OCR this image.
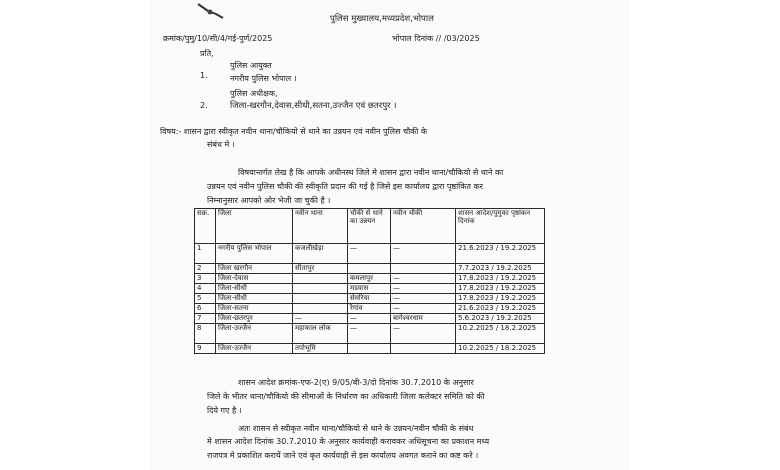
पुलिस मुख्यालय,मध्यप्रदेश,भोपाल
क्रमांक/पुमु/10/सी/4/गई-पुर्ण/2025	भोपाल दिनांक // /03/2025
प्रति,
पुलिस आयुक्त
1.	नगरीय पुलिस भोपाल ।
पुलिस अधीक्षक,
2.	जिला-खरगौन,देवास,सीधी,सतना,उज्जैन एवं छतरपुर ।
विषय:- शासन द्वारा स्वीकृत नवीन थाना/चौकियो से थाने का उन्नयन एवं नवीन पुलिस चौकी के
संबंध मे ।
विषयान्तर्गत लेख है कि आपके अधीनस्थ जिले मे शासन द्वारा नवीन थाना/चौकियो से थाने का
उन्नयन एवं नवीन पुलिस चौकी की स्वीकृति प्रदान की गई है जिसे इस कार्यालय द्वारा पृष्ठांकित कर
निम्नानुसार आपको ओर भेजी जा चुकी है ।
सक्र.	जिला	नवीन थाना	चौकी से थाने का उन्नयन	नवीन चौकी	शासन आदेश/पुमुका पृष्ठांकन दिनांक
1	नगरीय पुलिस भोपाल	कजलीखेड़ा	—	—	21.6.2023 / 19.2.2025
2	जिला खरगौन	सीतापुर			7.7.2023 / 19.2.2025
3	जिला-देवास		कमलापुर	—	17.8.2023 / 19.2.2025
4	जिला-सीधी		मडवास	—	17.8.2023 / 19.2.2025
5	जिला-सीधी		सेमरिया	—	17.8.2023 / 19.2.2025
6	जिला-सतना		रैगांव	—	21.6.2023 / 19.2.2025
7	जिला-छतरपुर	—	—	बागेश्वरधाम	5.6.2023 / 19.2.2025
8	जिला-उज्जैन	महाकाल लोक	—	—	10.2.2025 / 18.2.2025
9	जिला-उज्जैन	तपोभूमि			10.2.2025 / 18.2.2025
शासन आदेश क्रमांक-एफ-2(ए) 9/05/बी-3/दो दिनांक 30.7.2010 के अनुसार
जिले के भीतर थाना/चौकियो की सीमाओं के निर्धारण का अधिकारी जिला कलेक्टर समिति को की
दिये गए है ।
अतः शासन से स्वीकृत नवीन थाना/चौकियो से थाने के उन्नयन/नवीन चौकी के संबंध
मे शासन आदेश दिनांक 30.7.2010 के अनुसार कार्यवाही करावकर अधिसूचना का प्रकाशन मध्य
राजपत्र मे प्रकाशित करायें जाने एवं कृत कार्यवाही से इस कार्यालय अवगत कराने का कष्ट करे ।
